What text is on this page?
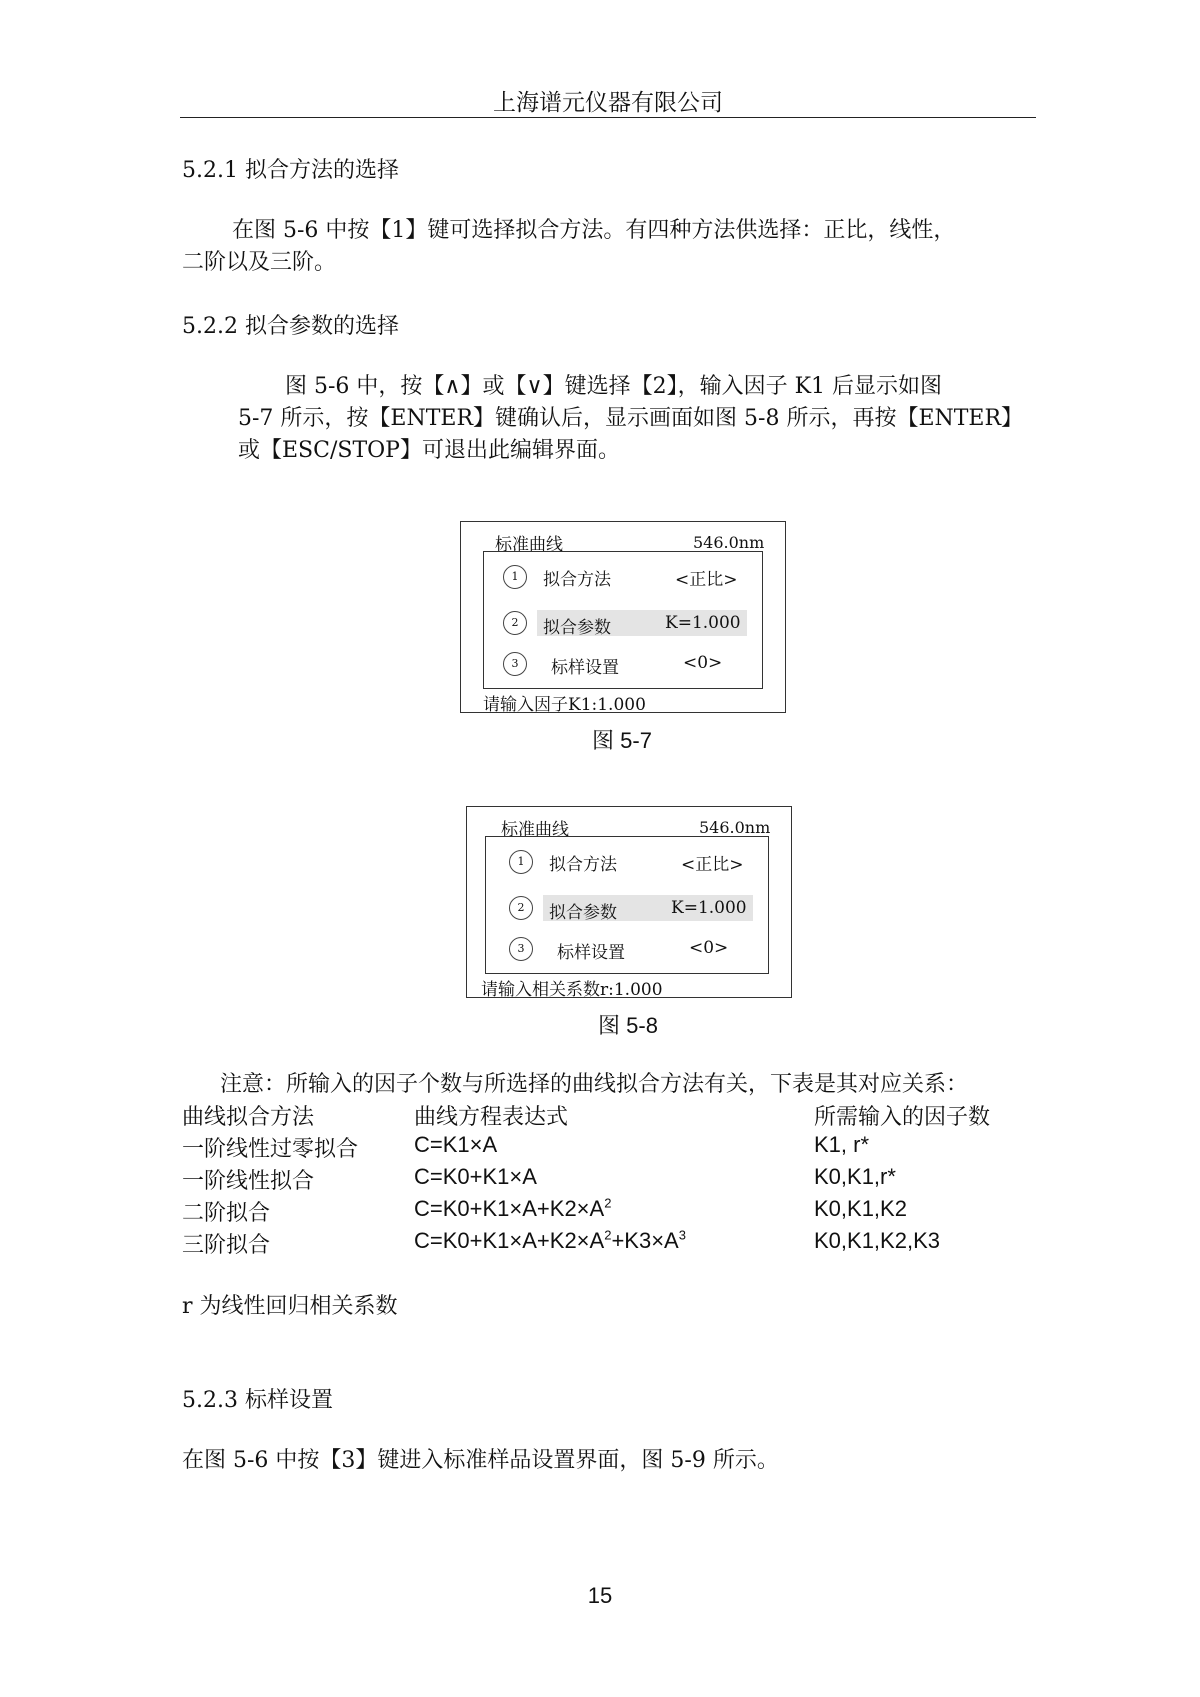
上海谱元仪器有限公司
5.2.1 拟合方法的选择
在图 5-6 中按【1】键可选择拟合方法。有四种方法供选择：正比，线性，
二阶以及三阶。
5.2.2 拟合参数的选择
图 5-6 中，按【∧】或【∨】键选择【2】，输入因子 K1 后显示如图
5-7 所示，按【ENTER】键确认后，显示画面如图 5-8 所示，再按【ENTER】
或【ESC/STOP】可退出此编辑界面。
标准曲线	546.0nm
1	拟合方法	<正比>
2	拟合参数	K=1.000
3	标样设置	<0>
请输入因子K1:1.000
图 5-7
标准曲线	546.0nm
1	拟合方法	<正比>
2	拟合参数	K=1.000
3	标样设置	<0>
请输入相关系数r:1.000
图 5-8
注意：所输入的因子个数与所选择的曲线拟合方法有关，下表是其对应关系：
曲线拟合方法	曲线方程表达式	所需输入的因子数
一阶线性过零拟合	C=K1×A	K1, r*
一阶线性拟合	C=K0+K1×A	K0,K1,r*
二阶拟合	$C=K0+K1\times A+K2\times A^2$	K0,K1,K2
三阶拟合	$C=K0+K1\times A+K2\times A^2+K3\times A^3$	K0,K1,K2,K3
r 为线性回归相关系数
5.2.3 标样设置
在图 5-6 中按【3】键进入标准样品设置界面，图 5-9 所示。
15
